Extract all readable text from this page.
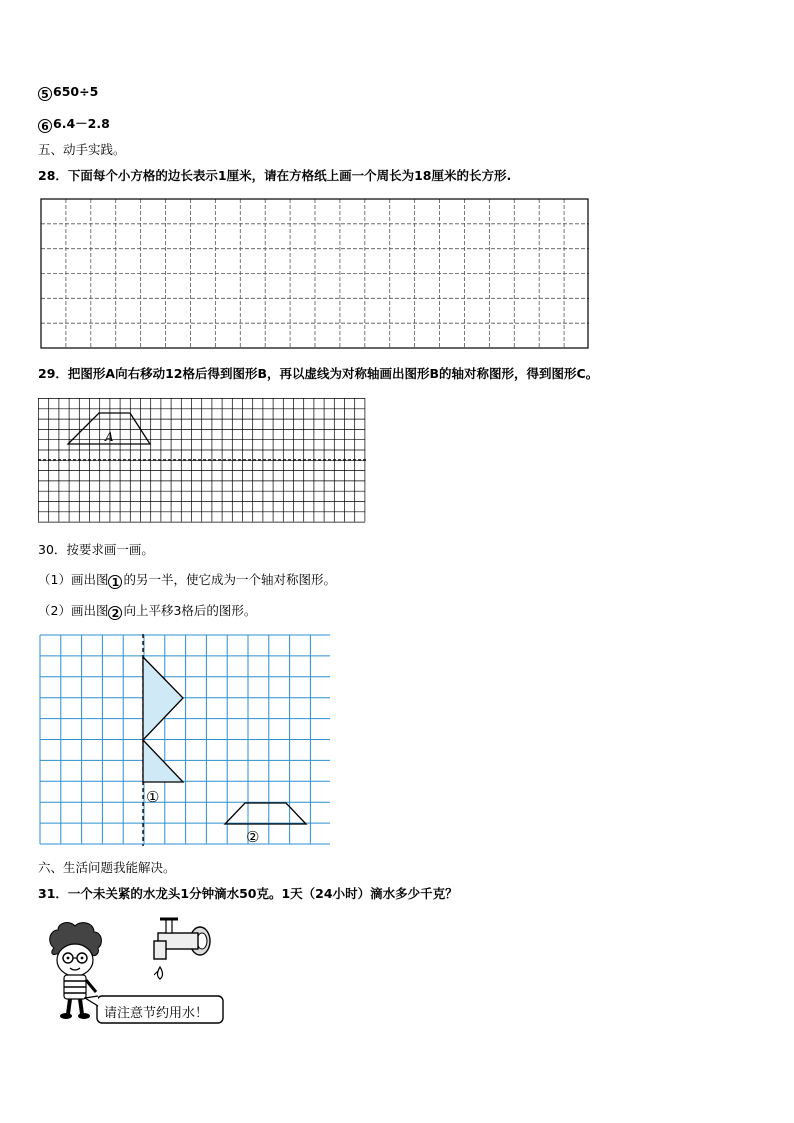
5 650÷5
6 6.4－2.8
五、动手实践。
28．下面每个小方格的边长表示1厘米，请在方格纸上画一个周长为18厘米的长方形.
29．把图形A向右移动12格后得到图形B，再以虚线为对称轴画出图形B的轴对称图形，得到图形C。
A
30．按要求画一画。
（1）画出图 1 的另一半，使它成为一个轴对称图形。
（2）画出图 2 向上平移3格后的图形。
①
②
六、生活问题我能解决。
31．一个未关紧的水龙头1分钟滴水50克。1天（24小时）滴水多少千克？
请注意节约用水！
